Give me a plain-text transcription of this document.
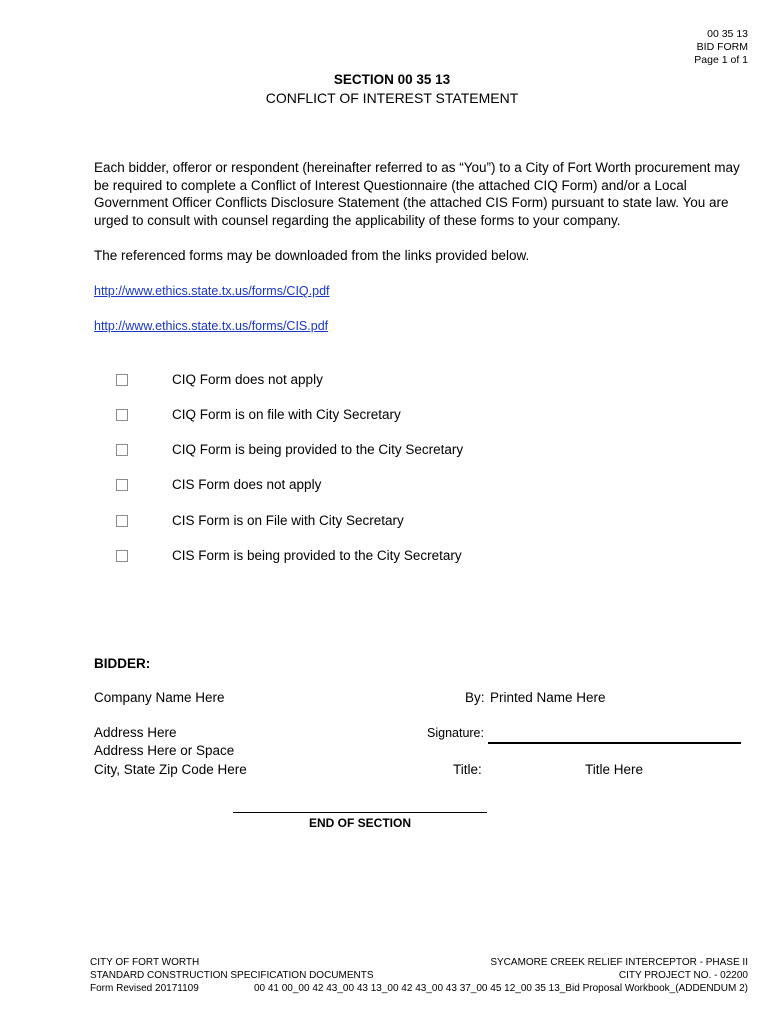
00 35 13
BID FORM
Page 1 of 1
SECTION 00 35 13
CONFLICT OF INTEREST STATEMENT

Each bidder, offeror or respondent (hereinafter referred to as “You”) to a City of Fort Worth procurement may be required to complete a Conflict of Interest Questionnaire (the attached CIQ Form) and/or a Local Government Officer Conflicts Disclosure Statement (the attached CIS Form) pursuant to state law. You are urged to consult with counsel regarding the applicability of these forms to your company.

The referenced forms may be downloaded from the links provided below.
http://www.ethics.state.tx.us/forms/CIQ.pdf
http://www.ethics.state.tx.us/forms/CIS.pdf
CIQ Form does not apply
CIQ Form is on file with City Secretary
CIQ Form is being provided to the City Secretary
CIS Form does not apply
CIS Form is on File with City Secretary
CIS Form is being provided to the City Secretary
BIDDER:
Company Name Here
Address Here
Address Here or Space
City, State Zip Code Here
By: Printed Name Here
Signature:
Title:	Title Here
END OF SECTION
CITY OF FORT WORTH
STANDARD CONSTRUCTION SPECIFICATION DOCUMENTS
Form Revised 20171109
SYCAMORE CREEK RELIEF INTERCEPTOR - PHASE II
CITY PROJECT NO. - 02200
00 41 00_00 42 43_00 43 13_00 42 43_00 43 37_00 45 12_00 35 13_Bid Proposal Workbook_(ADDENDUM 2)
